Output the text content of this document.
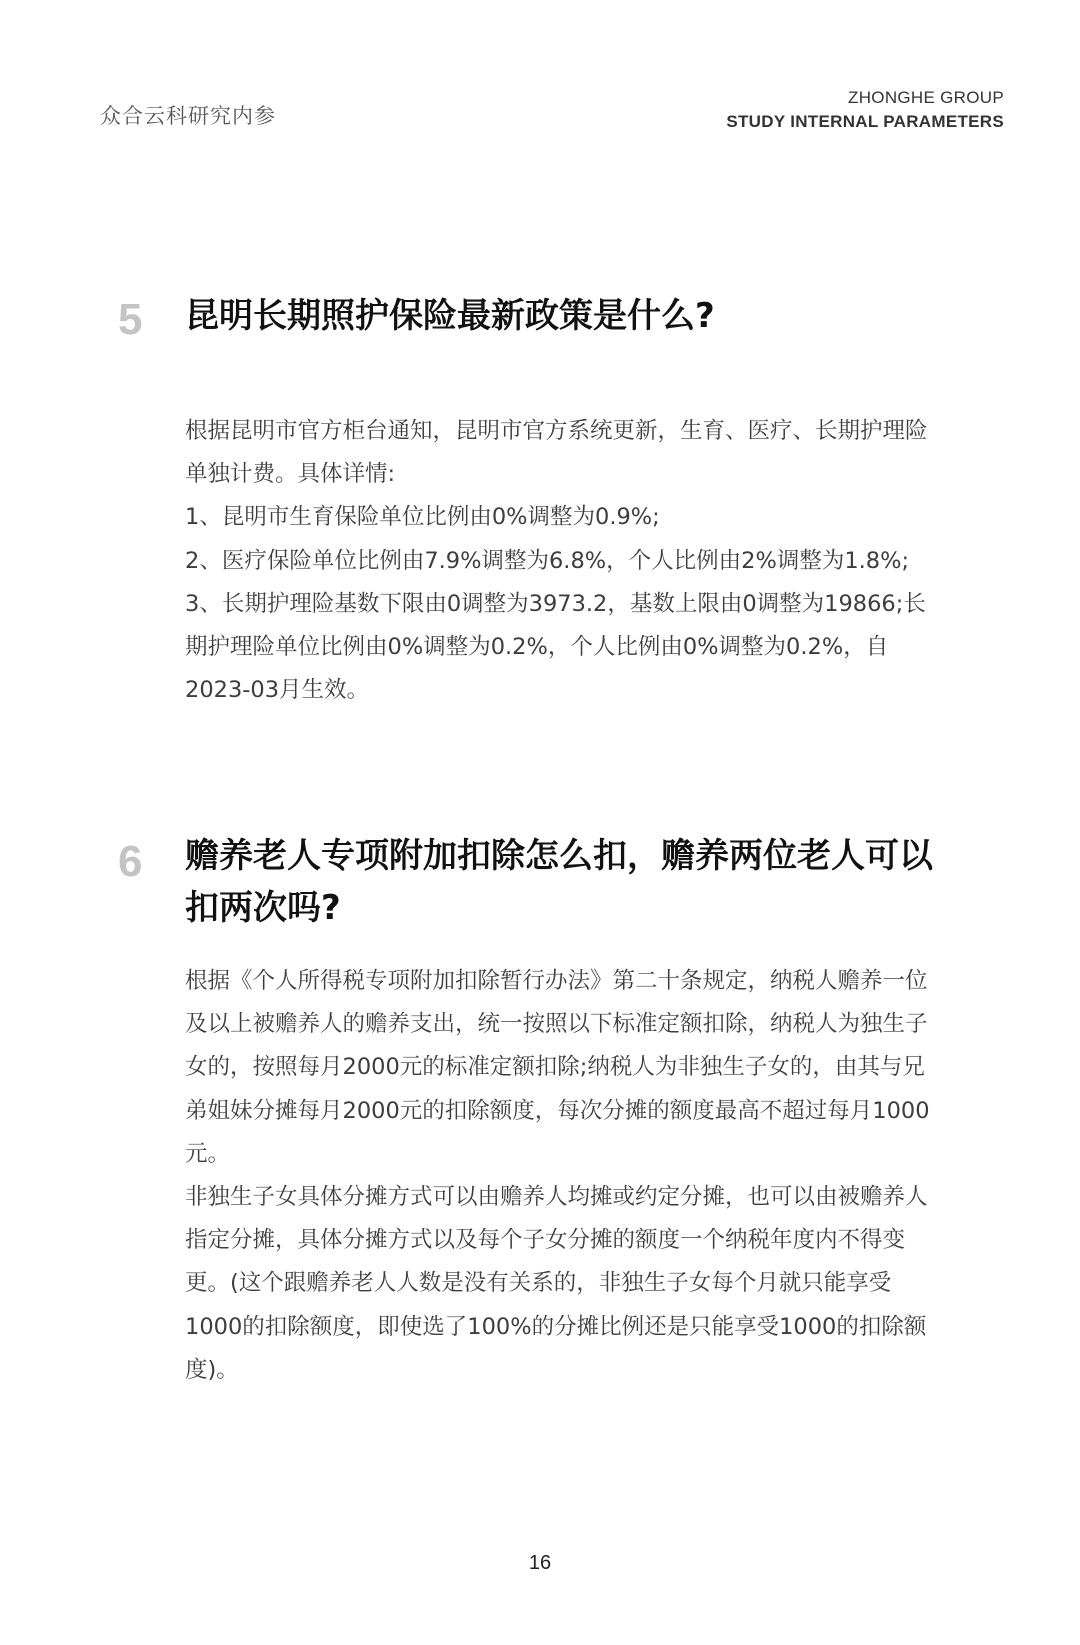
众合云科研究内参
ZHONGHE GROUP
STUDY INTERNAL PARAMETERS
5 昆明长期照护保险最新政策是什么?

根据昆明市官方柜台通知，昆明市官方系统更新，生育、医疗、长期护理险单独计费。具体详情:

1、昆明市生育保险单位比例由0%调整为0.9%;

2、医疗保险单位比例由7.9%调整为6.8%，个人比例由2%调整为1.8%;

3、长期护理险基数下限由0调整为3973.2，基数上限由0调整为19866;长期护理险单位比例由0%调整为0.2%，个人比例由0%调整为0.2%，自2023-03月生效。

6 赡养老人专项附加扣除怎么扣，赡养两位老人可以扣两次吗?

根据《个人所得税专项附加扣除暂行办法》第二十条规定，纳税人赡养一位及以上被赡养人的赡养支出，统一按照以下标准定额扣除，纳税人为独生子女的，按照每月2000元的标准定额扣除;纳税人为非独生子女的，由其与兄弟姐妹分摊每月2000元的扣除额度，每次分摊的额度最高不超过每月1000元。

非独生子女具体分摊方式可以由赡养人均摊或约定分摊，也可以由被赡养人指定分摊，具体分摊方式以及每个子女分摊的额度一个纳税年度内不得变更。(这个跟赡养老人人数是没有关系的，非独生子女每个月就只能享受1000的扣除额度，即使选了100%的分摊比例还是只能享受1000的扣除额度)。

16
